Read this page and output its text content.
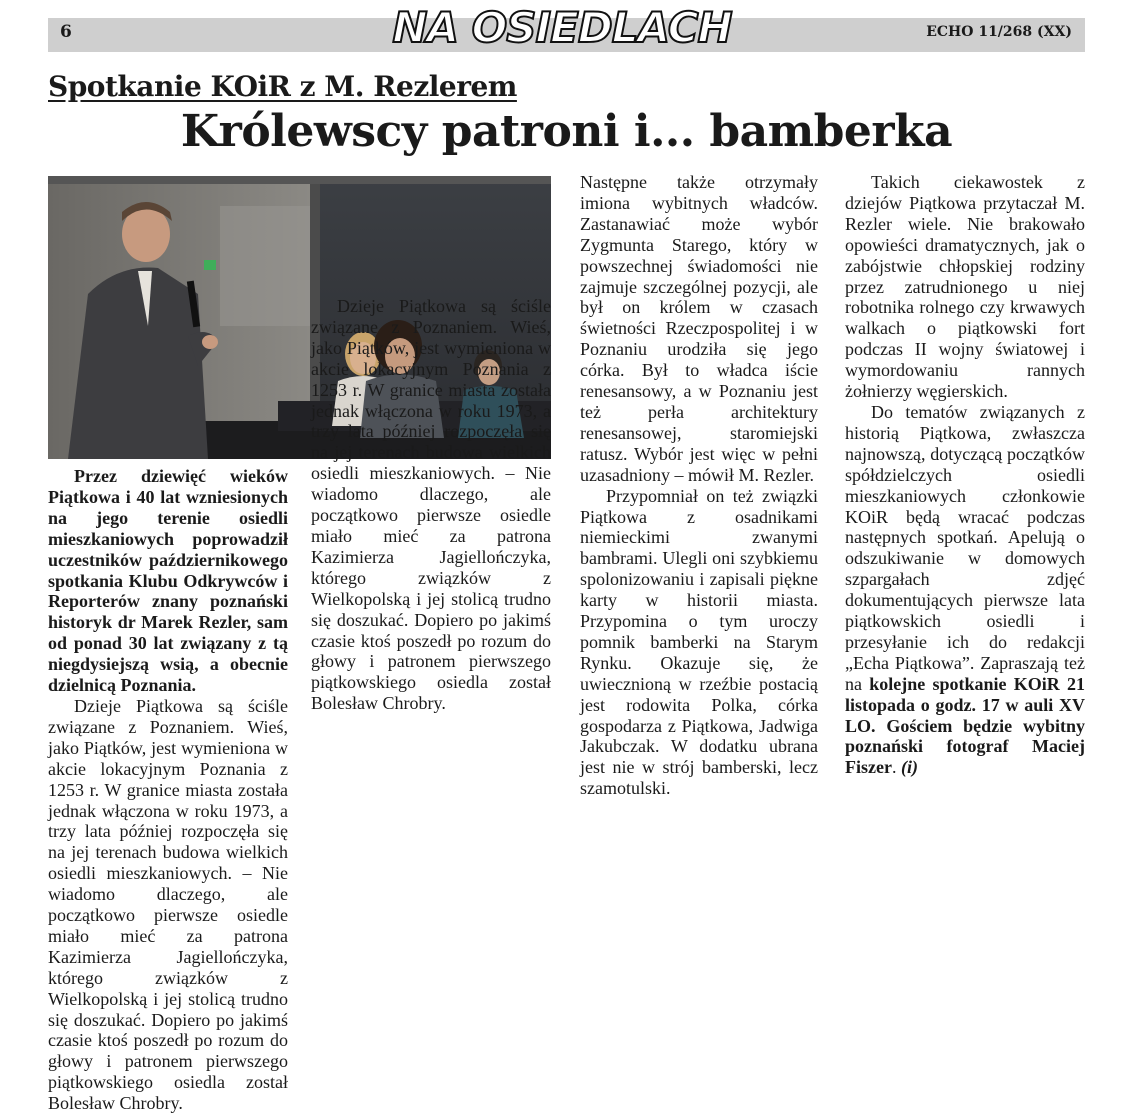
6	NA OSIEDLACH	ECHO 11/268 (XX)
Spotkanie KOiR z M. Rezlerem
Królewscy patroni i... bamberka

Przez dziewięć wieków Piątkowa i 40 lat wzniesionych na jego terenie osiedli mieszkaniowych poprowadził uczestników październikowego spotkania Klubu Odkrywców i Reporterów znany poznański historyk dr Marek Rezler, sam od ponad 30 lat związany z tą niegdysiejszą wsią, a obecnie dzielnicą Poznania.

Dzieje Piątkowa są ściśle związane z Poznaniem. Wieś, jako Piątków, jest wymieniona w akcie lokacyjnym Poznania z 1253 r. W granice miasta została jednak włączona w roku 1973, a trzy lata później rozpoczęła się na jej terenach budowa wielkich osiedli mieszkaniowych. – Nie wiadomo dlaczego, ale początkowo pierwsze osiedle miało mieć za patrona Kazimierza Jagiellończyka, którego związków z Wielkopolską i jej stolicą trudno się doszukać. Dopiero po jakimś czasie ktoś poszedł po rozum do głowy i patronem pierwszego piątkowskiego osiedla został Bolesław Chrobry.

Dzieje Piątkowa są ściśle związane z Poznaniem. Wieś, jako Piątków, jest wymieniona w akcie lokacyjnym Poznania z 1253 r. W granice miasta została jednak włączona w roku 1973, a trzy lata później rozpoczęła się na jej terenach budowa wielkich osiedli mieszkaniowych. – Nie wiadomo dlaczego, ale początkowo pierwsze osiedle miało mieć za patrona Kazimierza Jagiellończyka, którego związków z Wielkopolską i jej stolicą trudno się doszukać. Dopiero po jakimś czasie ktoś poszedł po rozum do głowy i patronem pierwszego piątkowskiego osiedla został Bolesław Chrobry.

Następne także otrzymały imiona wybitnych władców. Zastanawiać może wybór Zygmunta Starego, który w powszechnej świadomości nie zajmuje szczególnej pozycji, ale był on królem w czasach świetności Rzeczpospolitej i w Poznaniu urodziła się jego córka. Był to władca iście renesansowy, a w Poznaniu jest też perła architektury renesansowej, staromiejski ratusz. Wybór jest więc w pełni uzasadniony – mówił M. Rezler.

Przypomniał on też związki Piątkowa z osadnikami niemieckimi zwanymi bambrami. Ulegli oni szybkiemu spolonizowaniu i zapisali piękne karty w historii miasta. Przypomina o tym uroczy pomnik bamberki na Starym Rynku. Okazuje się, że uwiecznioną w rzeźbie postacią jest rodowita Polka, córka gospodarza z Piątkowa, Jadwiga Jakubczak. W dodatku ubrana jest nie w strój bamberski, lecz szamotulski.

Takich ciekawostek z dziejów Piątkowa przytaczał M. Rezler wiele. Nie brakowało opowieści dramatycznych, jak o zabójstwie chłopskiej rodziny przez zatrudnionego u niej robotnika rolnego czy krwawych walkach o piątkowski fort podczas II wojny światowej i wymordowaniu rannych żołnierzy węgierskich.

Do tematów związanych z historią Piątkowa, zwłaszcza najnowszą, dotyczącą początków spółdzielczych osiedli mieszkaniowych członkowie KOiR będą wracać podczas następnych spotkań. Apelują o odszukiwanie w domowych szpargałach zdjęć dokumentujących pierwsze lata piątkowskich osiedli i przesyłanie ich do redakcji „Echa Piątkowa”. Zapraszają też na kolejne spotkanie KOiR 21 listopada o godz. 17 w auli XV LO. Gościem będzie wybitny poznański fotograf Maciej Fiszer. (i)
